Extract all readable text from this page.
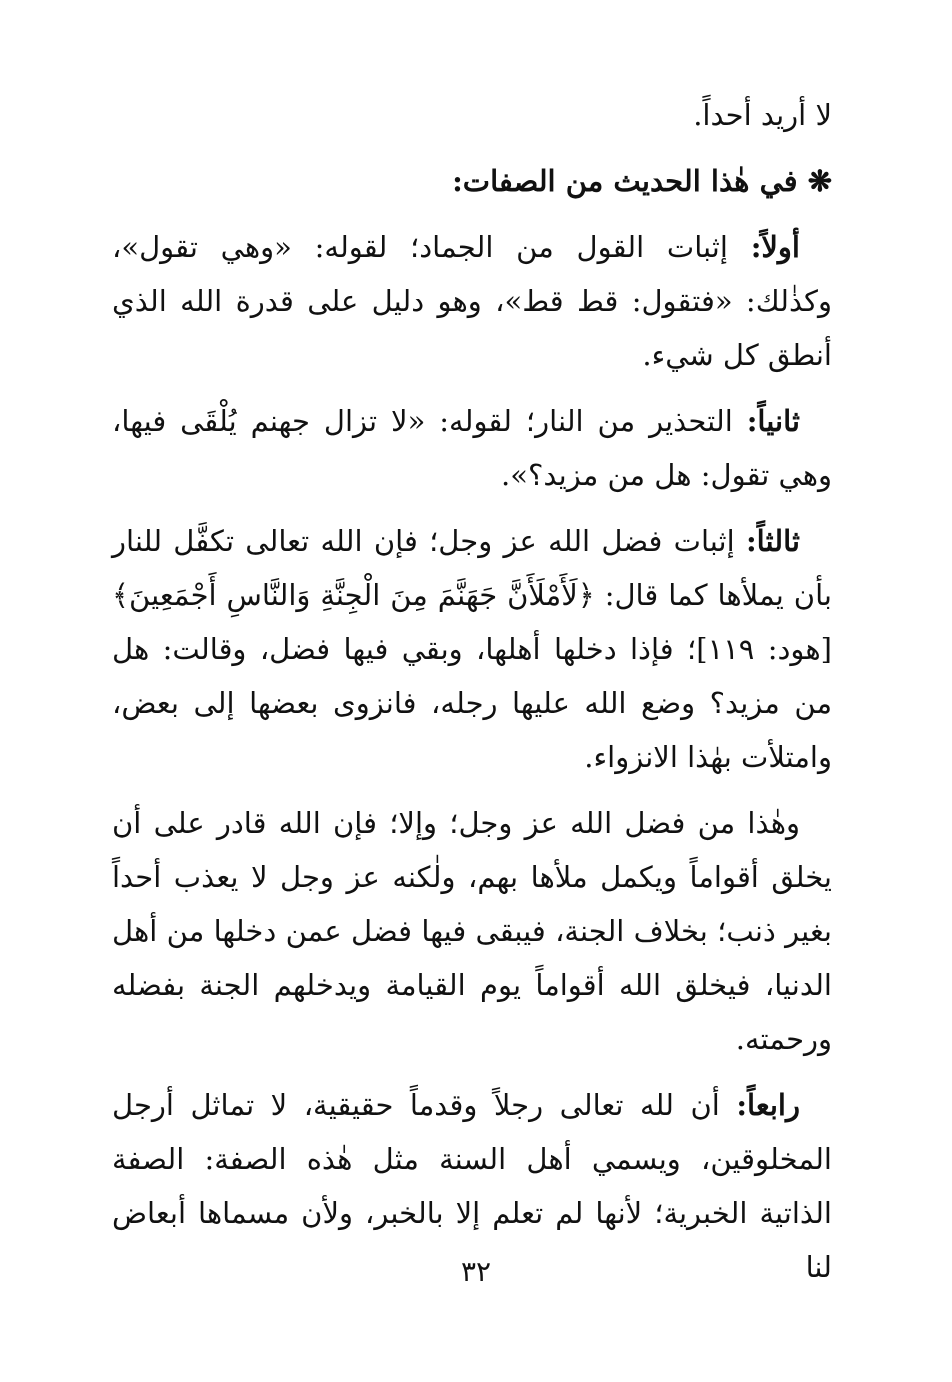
لا أريد أحداً.

❋ في هٰذا الحديث من الصفات:

أولاً: إثبات القول من الجماد؛ لقوله: «وهي تقول»، وكذٰلك: «فتقول: قط قط»، وهو دليل على قدرة الله الذي أنطق كل شيء.

ثانياً: التحذير من النار؛ لقوله: «لا تزال جهنم يُلْقَى فيها، وهي تقول: هل من مزيد؟».

ثالثاً: إثبات فضل الله عز وجل؛ فإن الله تعالى تكفَّل للنار بأن يملأها كما قال: ﴿لَأَمْلَأَنَّ جَهَنَّمَ مِنَ الْجِنَّةِ وَالنَّاسِ أَجْمَعِينَ﴾ [هود: ١١٩]؛ فإذا دخلها أهلها، وبقي فيها فضل، وقالت: هل من مزيد؟ وضع الله عليها رجله، فانزوى بعضها إلى بعض، وامتلأت بهٰذا الانزواء.

وهٰذا من فضل الله عز وجل؛ وإلا؛ فإن الله قادر على أن يخلق أقواماً ويكمل ملأها بهم، ولٰكنه عز وجل لا يعذب أحداً بغير ذنب؛ بخلاف الجنة، فيبقى فيها فضل عمن دخلها من أهل الدنيا، فيخلق الله أقواماً يوم القيامة ويدخلهم الجنة بفضله ورحمته.

رابعاً: أن لله تعالى رجلاً وقدماً حقيقية، لا تماثل أرجل المخلوقين، ويسمي أهل السنة مثل هٰذه الصفة: الصفة الذاتية الخبرية؛ لأنها لم تعلم إلا بالخبر، ولأن مسماها أبعاض لنا

٣٢
